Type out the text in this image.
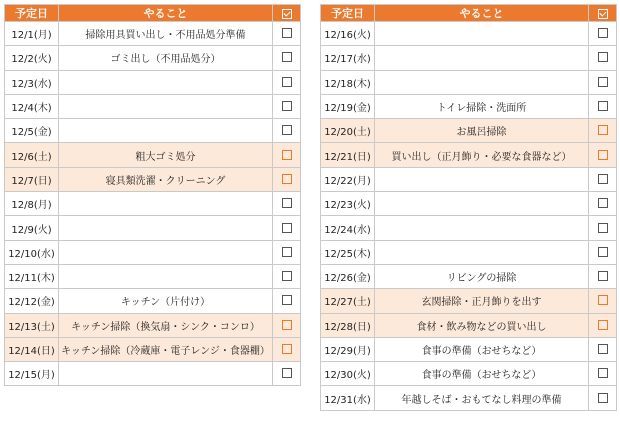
予定日	やること	
12/1(月)	掃除用具買い出し・不用品処分準備	
12/2(火)	ゴミ出し（不用品処分）	
12/3(水)		
12/4(木)		
12/5(金)		
12/6(土)	粗大ゴミ処分	
12/7(日)	寝具類洗濯・クリーニング	
12/8(月)		
12/9(火)		
12/10(水)		
12/11(木)		
12/12(金)	キッチン（片付け）	
12/13(土)	キッチン掃除（換気扇・シンク・コンロ）	
12/14(日)	キッチン掃除（冷蔵庫・電子レンジ・食器棚）	
12/15(月)		
予定日	やること	
12/16(火)		
12/17(水)		
12/18(木)		
12/19(金)	トイレ掃除・洗面所	
12/20(土)	お風呂掃除	
12/21(日)	買い出し（正月飾り・必要な食器など）	
12/22(月)		
12/23(火)		
12/24(水)		
12/25(木)		
12/26(金)	リビングの掃除	
12/27(土)	玄関掃除・正月飾りを出す	
12/28(日)	食材・飲み物などの買い出し	
12/29(月)	食事の準備（おせちなど）	
12/30(火)	食事の準備（おせちなど）	
12/31(水)	年越しそば・おもてなし料理の準備	
